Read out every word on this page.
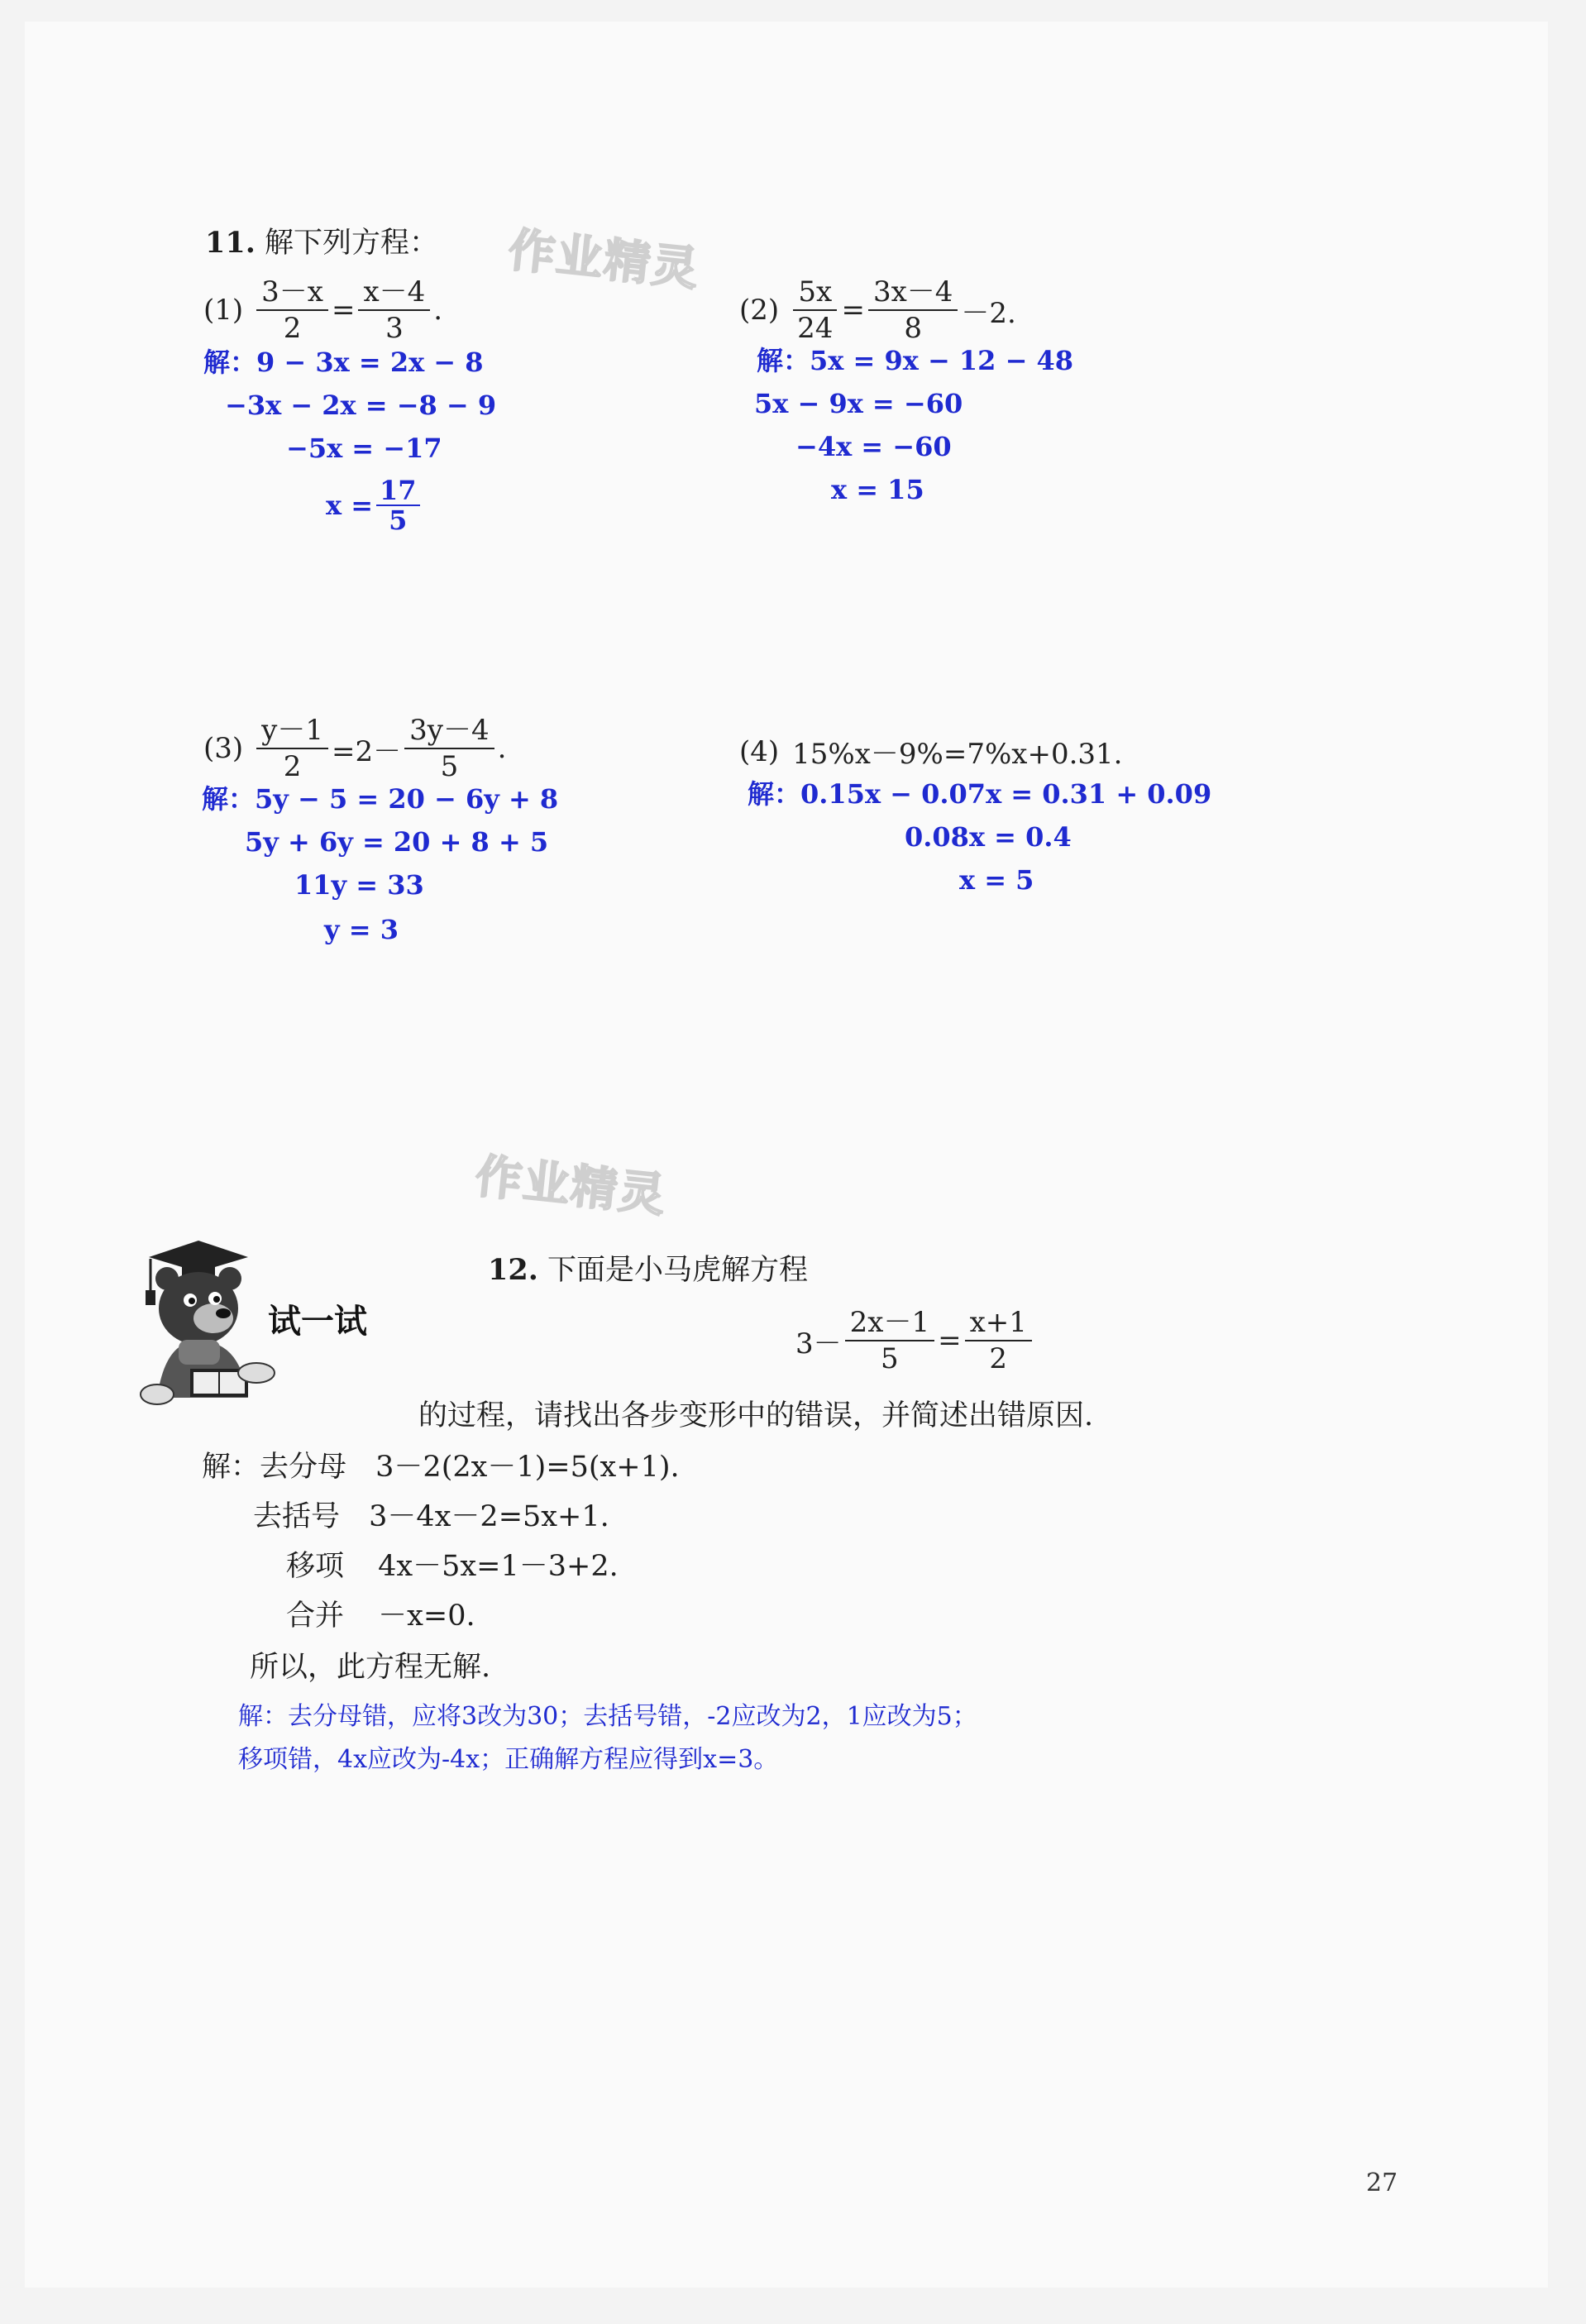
作业精灵
作业精灵
11. 解下列方程：
$(1) \frac{3-x}{2} = \frac{x-4}{3}$ .
解：9 − 3x = 2x − 8
−3x − 2x = −8 − 9
−5x = −17
$x = \frac{17}{5}$
$(2) \frac{5x}{24} = \frac{3x-4}{8} -2$.
解：5x = 9x − 12 − 48
5x − 9x = −60
−4x = −60
x = 15
$(3) \frac{y-1}{2} =2- \frac{3y-4}{5}$ .
解：5y − 5 = 20 − 6y + 8
5y + 6y = 20 + 8 + 5
11y = 33
y = 3
(4) 15%x－9%=7%x+0.31.
解：0.15x − 0.07x = 0.31 + 0.09
0.08x = 0.4
x = 5
试一试
12. 下面是小马虎解方程
$3- \frac{2x-1}{5} = \frac{x+1}{2}$
的过程，请找出各步变形中的错误，并简述出错原因.
解：去分母 3－2(2x－1)=5(x+1).
去括号 3－4x－2=5x+1.
移项 4x－5x=1－3+2.
合并 －x=0.
所以，此方程无解.
解：去分母错，应将3改为30；去括号错，-2应改为2，1应改为5；
移项错，4x应改为-4x；正确解方程应得到x=3。
27
